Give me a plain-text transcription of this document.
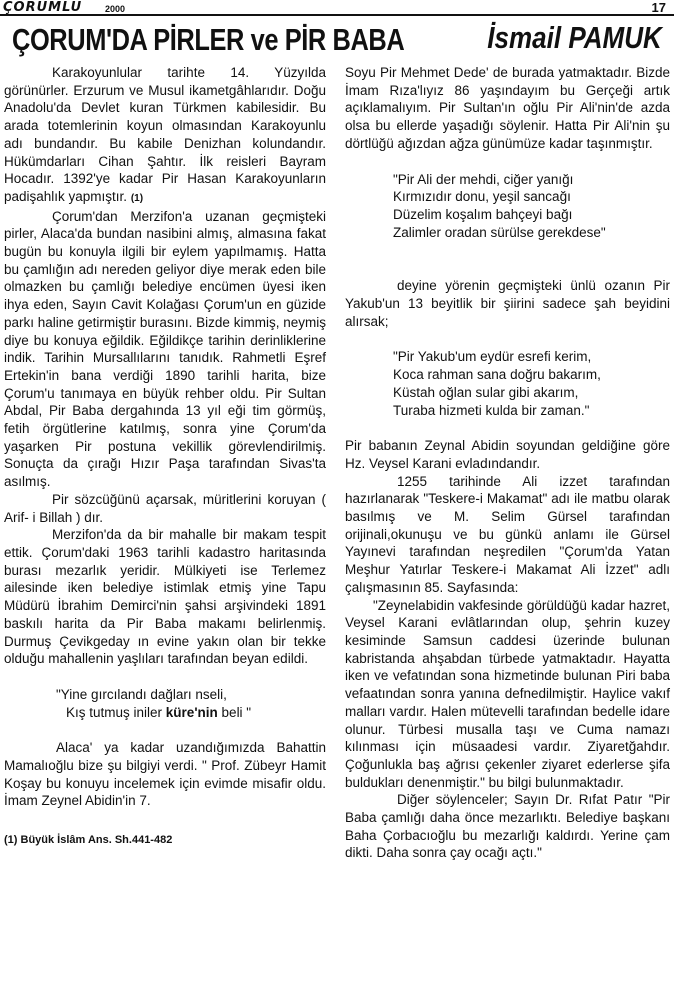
ÇORUMLU	2000	17
ÇORUM'DA PİRLER ve PİR BABA	İsmail PAMUK

Karakoyunlular tarihte 14. Yüzyılda görünürler. Erzurum ve Musul ikametgâhlarıdır. Doğu Anadolu'da Devlet kuran Türkmen kabilesidir. Bu arada totemlerinin koyun olmasından Karakoyunlu adı bundandır. Bu kabile Denizhan kolundandır. Hükümdarları Cihan Şahtır. İlk reisleri Bayram Hocadır. 1392'ye kadar Pir Hasan Karakoyunların padişahlık yapmıştır. (1)

Çorum'dan Merzifon'a uzanan geçmişteki pirler, Alaca'da bundan nasibini almış, almasına fakat bugün bu konuyla ilgili bir eylem yapılmamış. Hatta bu çamlığın adı nereden geliyor diye merak eden bile olmazken bu çamlığı belediye encümen üyesi iken ihya eden, Sayın Cavit Kolağası Çorum'un en güzide parkı haline getirmiştir burasını. Bizde kimmiş, neymiş diye bu konuya eğildik. Eğildikçe tarihin derinliklerine indik. Tarihin Mursallılarını tanıdık. Rahmetli Eşref Ertekin'in bana verdiği 1890 tarihli harita, bize Çorum'u tanımaya en büyük rehber oldu. Pir Sultan Abdal, Pir Baba dergahında 13 yıl eği tim görmüş, fetih örgütlerine katılmış, sonra yine Çorum'da yaşarken Pir postuna vekillik görevlendirilmiş. Sonuçta da çırağı Hızır Paşa tarafından Sivas'ta asılmış.

Pir sözcüğünü açarsak, müritlerini koruyan ( Arif- i Billah ) dır.

Merzifon'da da bir mahalle bir makam tespit ettik. Çorum'daki 1963 tarihli kadastro haritasında burası mezarlık yeridir. Mülkiyeti ise Terlemez ailesinde iken belediye istimlak etmiş yine Tapu Müdürü İbrahim Demirci'nin şahsi arşivindeki 1891 baskılı harita da Pir Baba makamı belirlenmiş. Durmuş Çevikgeday ın evine yakın olan bir tekke olduğu mahallenin yaşlıları tarafından beyan edildi.

"Yine gırcılandı dağları nseli,

Kış tutmuş iniler küre'nin beli "

Alaca' ya kadar uzandığımızda Bahattin Mamalıoğlu bize şu bilgiyi verdi. " Prof. Zübeyr Hamit Koşay bu konuyu incelemek için evimde misafir oldu. İmam Zeynel Abidin'in 7.

(1) Büyük İslâm Ans. Sh.441-482

Soyu Pir Mehmet Dede' de burada yatmaktadır. Bizde İmam Rıza'lıyız 86 yaşındayım bu Gerçeği artık açıklamalıyım. Pir Sultan'ın oğlu Pir Ali'nin'de azda olsa bu ellerde yaşadığı söylenir. Hatta Pir Ali'nin şu dörtlüğü ağızdan ağza günümüze kadar taşınmıştır.

"Pir Ali der mehdi, ciğer yanığı

Kırmızıdır donu, yeşil sancağı

Düzelim koşalım bahçeyi bağı

Zalimler oradan sürülse gerekdese"

deyine yörenin geçmişteki ünlü ozanın Pir Yakub'un 13 beyitlik bir şiirini sadece şah beyidini alırsak;

"Pir Yakub'um eydür esrefi kerim,

Koca rahman sana doğru bakarım,

Küstah oğlan sular gibi akarım,

Turaba hizmeti kulda bir zaman."

Pir babanın Zeynal Abidin soyundan geldiğine göre Hz. Veysel Karani evladındandır.

1255 tarihinde Ali izzet tarafından hazırlanarak "Teskere-i Makamat" adı ile matbu olarak basılmış ve M. Selim Gürsel tarafından orijinali,okunuşu ve bu günkü anlamı ile Gürsel Yayınevi tarafından neşredilen "Çorum'da Yatan Meşhur Yatırlar Teskere-i Makamat Ali İzzet" adlı çalışmasının 85. Sayfasında:

"Zeynelabidin vakfesinde görüldüğü kadar hazret, Veysel Karani evlâtlarından olup, şehrin kuzey kesiminde Samsun caddesi üzerinde bulunan kabristanda ahşabdan türbede yatmaktadır. Hayatta iken ve vefatından sona hizmetinde bulunan Piri baba vefaatından sonra yanına defnedilmiştir. Haylice vakıf malları vardır. Halen mütevelli tarafından bedelle idare olunur. Türbesi musalla taşı ve Cuma namazı kılınması için müsaadesi vardır. Ziyaretğahdır. Çoğunlukla baş ağrısı çekenler ziyaret ederlerse şifa buldukları denenmiştir." bu bilgi bulunmaktadır.

Diğer söylenceler; Sayın Dr. Rıfat Patır "Pir Baba çamlığı daha önce mezarlıktı. Belediye başkanı Baha Çorbacıoğlu bu mezarlığı kaldırdı. Yerine çam dikti. Daha sonra çay ocağı açtı."
